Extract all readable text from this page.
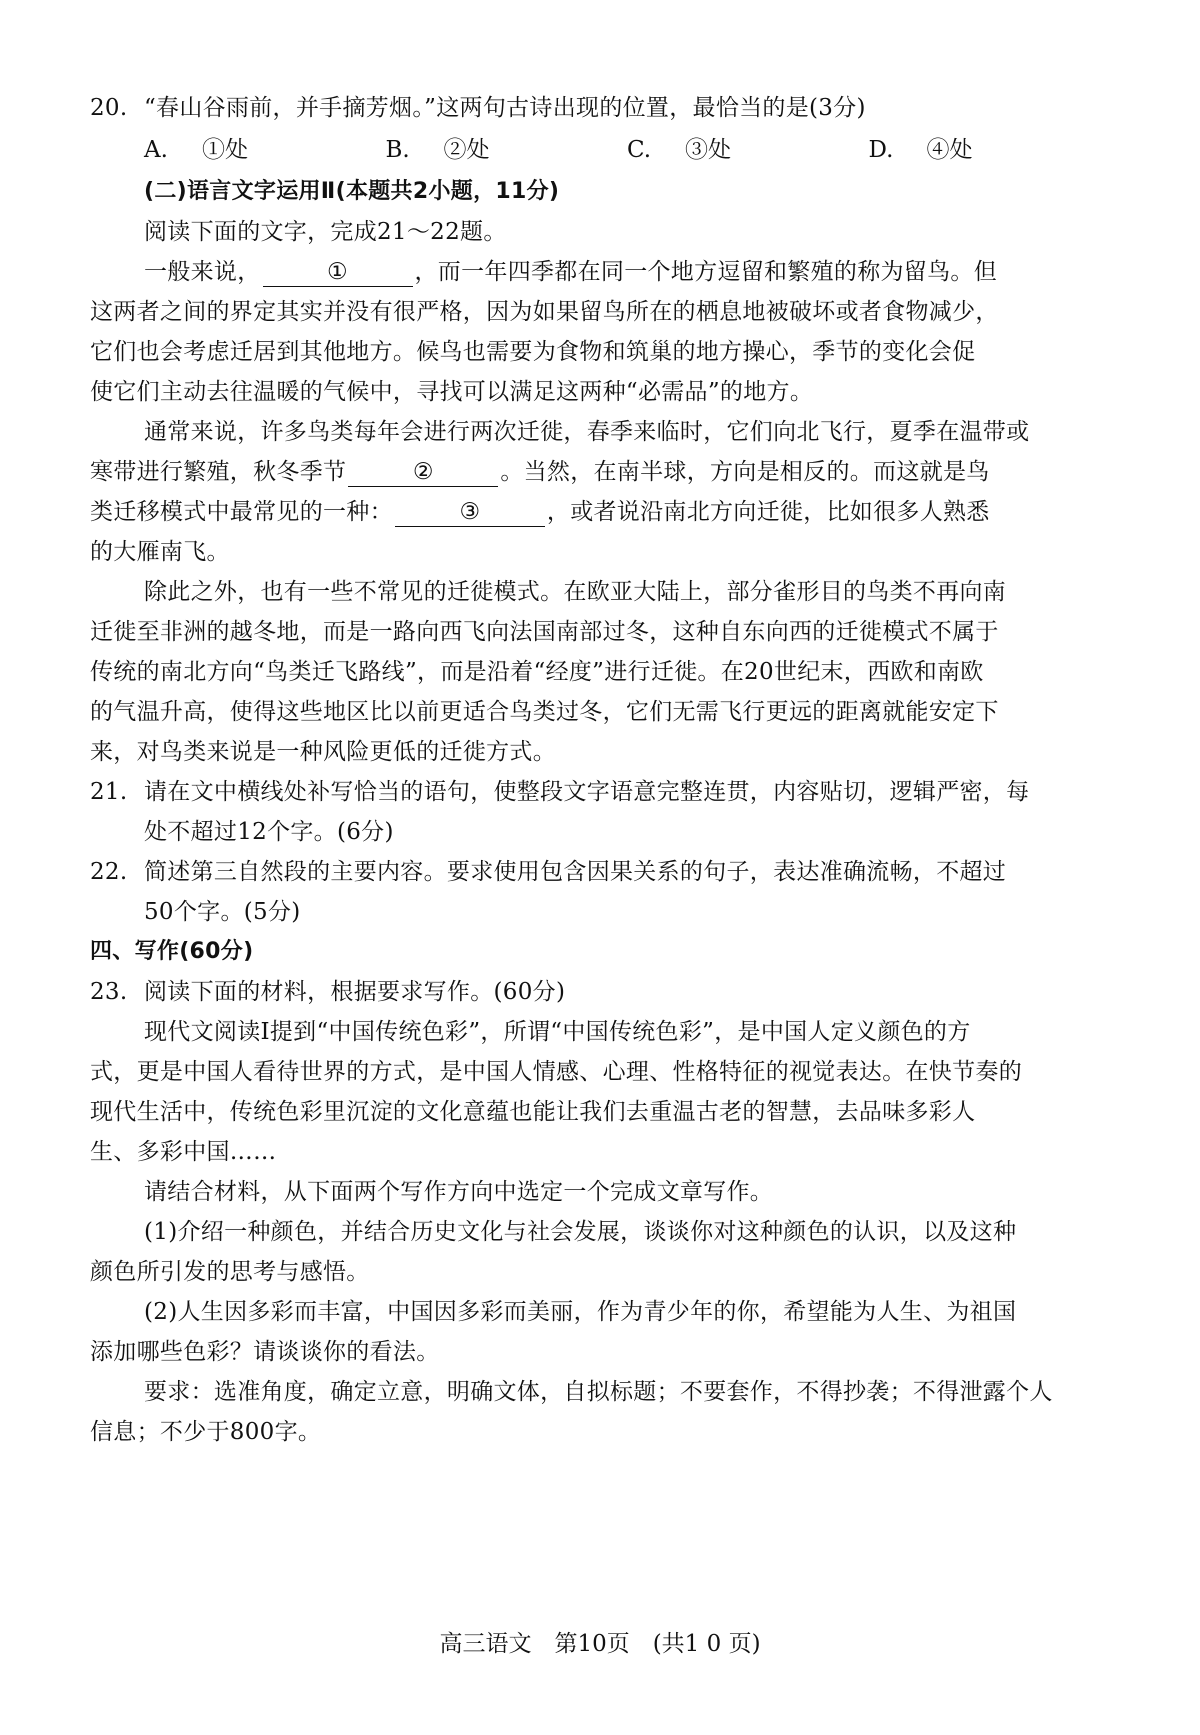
20. “春山谷雨前，并手摘芳烟。”这两句古诗出现的位置，最恰当的是(3分)
A. ①处	B. ②处	C. ③处	D. ④处
(二)语言文字运用Ⅱ(本题共2小题，11分)
阅读下面的文字，完成21～22题。
一般来说，	①	，而一年四季都在同一个地方逗留和繁殖的称为留鸟。但
这两者之间的界定其实并没有很严格，因为如果留鸟所在的栖息地被破坏或者食物减少，
它们也会考虑迁居到其他地方。候鸟也需要为食物和筑巢的地方操心，季节的变化会促
使它们主动去往温暖的气候中，寻找可以满足这两种“必需品”的地方。
通常来说，许多鸟类每年会进行两次迁徙，春季来临时，它们向北飞行，夏季在温带或
寒带进行繁殖，秋冬季节	②	。当然，在南半球，方向是相反的。而这就是鸟
类迁移模式中最常见的一种：	③	，或者说沿南北方向迁徙，比如很多人熟悉
的大雁南飞。
除此之外，也有一些不常见的迁徙模式。在欧亚大陆上，部分雀形目的鸟类不再向南
迁徙至非洲的越冬地，而是一路向西飞向法国南部过冬，这种自东向西的迁徙模式不属于
传统的南北方向“鸟类迁飞路线”，而是沿着“经度”进行迁徙。在20世纪末，西欧和南欧
的气温升高，使得这些地区比以前更适合鸟类过冬，它们无需飞行更远的距离就能安定下
来，对鸟类来说是一种风险更低的迁徙方式。
21. 请在文中横线处补写恰当的语句，使整段文字语意完整连贯，内容贴切，逻辑严密，每
处不超过12个字。(6分)
22. 简述第三自然段的主要内容。要求使用包含因果关系的句子，表达准确流畅，不超过
50个字。(5分)
四、写作(60分)
23. 阅读下面的材料，根据要求写作。(60分)
现代文阅读Ⅰ提到“中国传统色彩”，所谓“中国传统色彩”，是中国人定义颜色的方
式，更是中国人看待世界的方式，是中国人情感、心理、性格特征的视觉表达。在快节奏的
现代生活中，传统色彩里沉淀的文化意蕴也能让我们去重温古老的智慧，去品味多彩人
生、多彩中国……
请结合材料，从下面两个写作方向中选定一个完成文章写作。
(1)介绍一种颜色，并结合历史文化与社会发展，谈谈你对这种颜色的认识，以及这种
颜色所引发的思考与感悟。
(2)人生因多彩而丰富，中国因多彩而美丽，作为青少年的你，希望能为人生、为祖国
添加哪些色彩？请谈谈你的看法。
要求：选准角度，确定立意，明确文体，自拟标题；不要套作，不得抄袭；不得泄露个人
信息；不少于800字。
高三语文　第10页　(共1 0 页)
